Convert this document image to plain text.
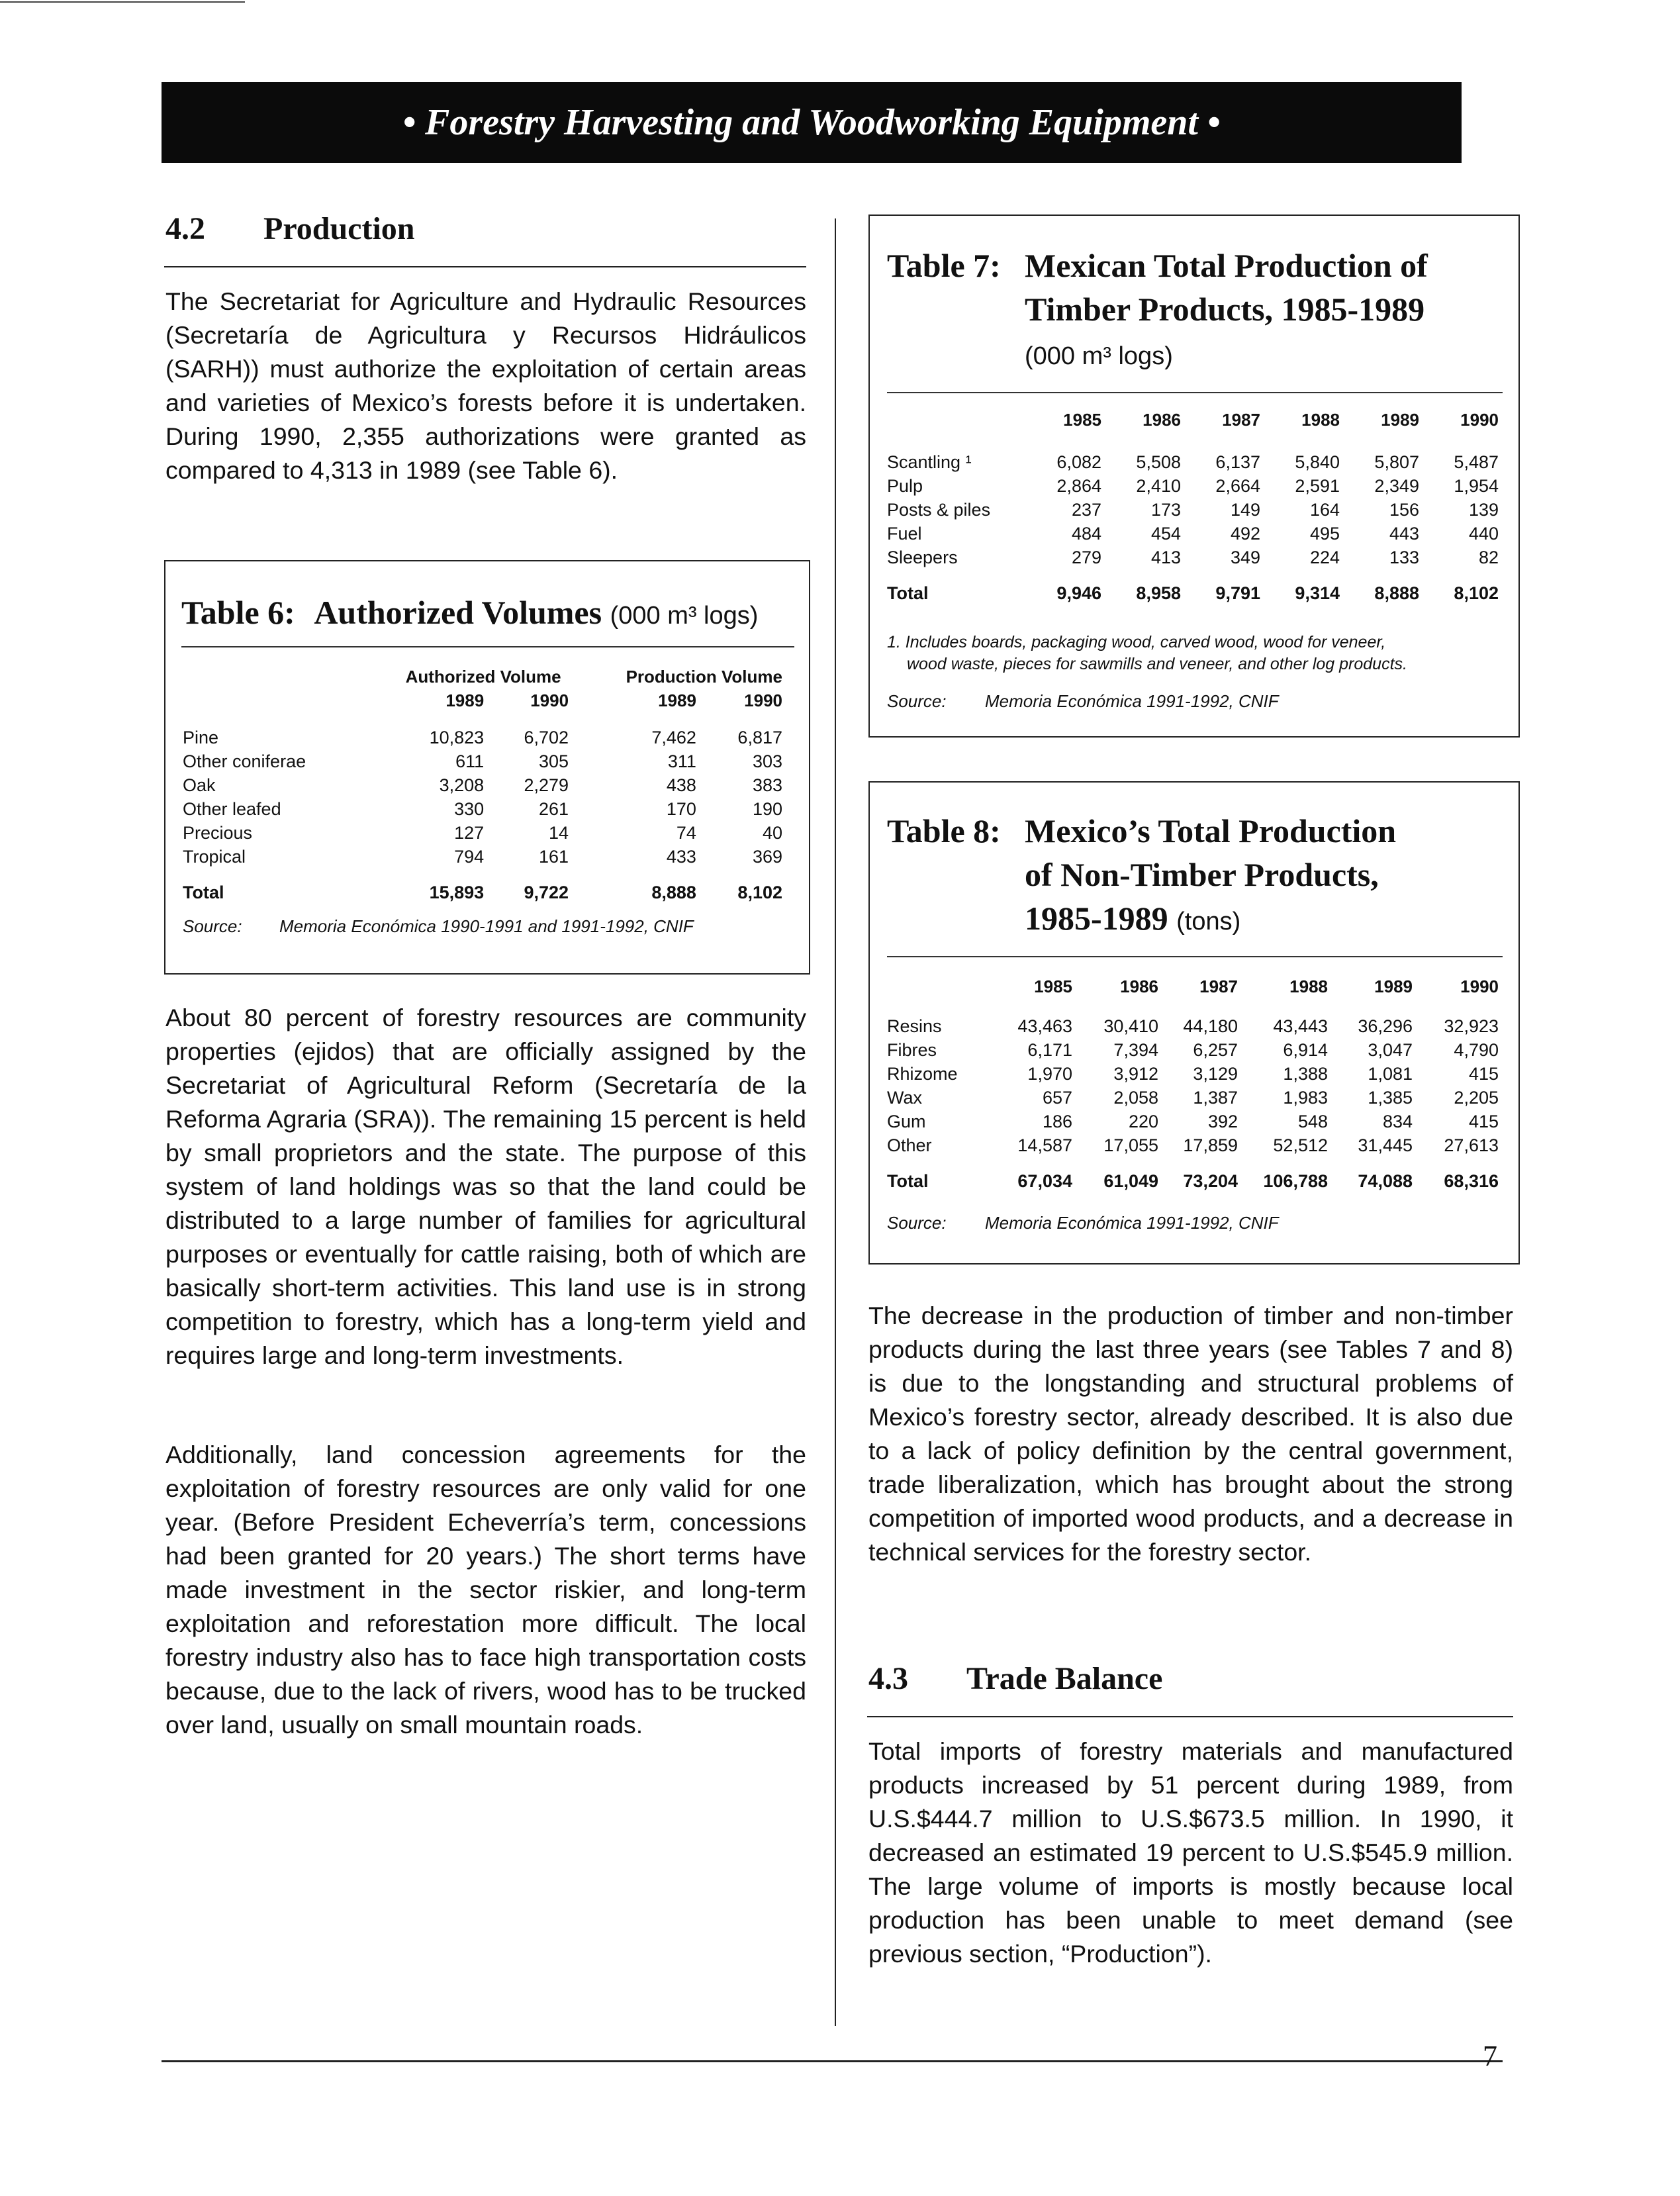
• Forestry Harvesting and Woodworking Equipment •
4.2 Production

The Secretariat for Agriculture and Hydraulic Resources (Secretaría de Agricultura y Recursos Hidráulicos (SARH)) must authorize the exploitation of certain areas and varieties of Mexico’s forests before it is undertaken. During 1990, 2,355 authorizations were granted as compared to 4,313 in 1989 (see Table 6).

Table 6: Authorized Volumes (000 m³ logs)
	Authorized Volume		Production Volume	
	1989	1990	1989	1990

Pine	10,823	6,702	7,462	6,817
Other coniferae	611	305	311	303
Oak	3,208	2,279	438	383
Other leafed	330	261	170	190
Precious	127	14	74	40
Tropical	794	161	433	369
Total	15,893	9,722	8,888	8,102
Source: Memoria Económica 1990-1991 and 1991-1992, CNIF

About 80 percent of forestry resources are community properties (ejidos) that are officially assigned by the Secretariat of Agricultural Reform (Secretaría de la Reforma Agraria (SRA)). The remaining 15 percent is held by small proprietors and the state. The purpose of this system of land holdings was so that the land could be distributed to a large number of families for agricultural purposes or eventually for cattle raising, both of which are basically short-term activities. This land use is in strong competition to forestry, which has a long-term yield and requires large and long-term investments.

Additionally, land concession agreements for the exploitation of forestry resources are only valid for one year. (Before President Echeverría’s term, concessions had been granted for 20 years.) The short terms have made investment in the sector riskier, and long-term exploitation and reforestation more difficult. The local forestry industry also has to face high transportation costs because, due to the lack of rivers, wood has to be trucked over land, usually on small mountain roads.

Table 7: Mexican Total Production of
Timber Products, 1985-1989
(000 m³ logs)
	1985	1986	1987	1988	1989	1990

Scantling ¹	6,082	5,508	6,137	5,840	5,807	5,487
Pulp	2,864	2,410	2,664	2,591	2,349	1,954
Posts & piles	237	173	149	164	156	139
Fuel	484	454	492	495	443	440
Sleepers	279	413	349	224	133	82
Total	9,946	8,958	9,791	9,314	8,888	8,102
1. Includes boards, packaging wood, carved wood, wood for veneer,
wood waste, pieces for sawmills and veneer, and other log products.
Source: Memoria Económica 1991-1992, CNIF
Table 8: Mexico’s Total Production
of Non-Timber Products,
1985-1989 (tons)
	1985	1986	1987	1988	1989	1990

Resins	43,463	30,410	44,180	43,443	36,296	32,923
Fibres	6,171	7,394	6,257	6,914	3,047	4,790
Rhizome	1,970	3,912	3,129	1,388	1,081	415
Wax	657	2,058	1,387	1,983	1,385	2,205
Gum	186	220	392	548	834	415
Other	14,587	17,055	17,859	52,512	31,445	27,613
Total	67,034	61,049	73,204	106,788	74,088	68,316
Source: Memoria Económica 1991-1992, CNIF

The decrease in the production of timber and non-timber products during the last three years (see Tables 7 and 8) is due to the longstanding and structural problems of Mexico’s forestry sector, already described. It is also due to a lack of policy definition by the central government, trade liberalization, which has brought about the strong competition of imported wood products, and a decrease in technical services for the forestry sector.

4.3 Trade Balance

Total imports of forestry materials and manufactured products increased by 51 percent during 1989, from U.S.$444.7 million to U.S.$673.5 million. In 1990, it decreased an estimated 19 percent to U.S.$545.9 million. The large volume of imports is mostly because local production has been unable to meet demand (see previous section, “Production”).

7
